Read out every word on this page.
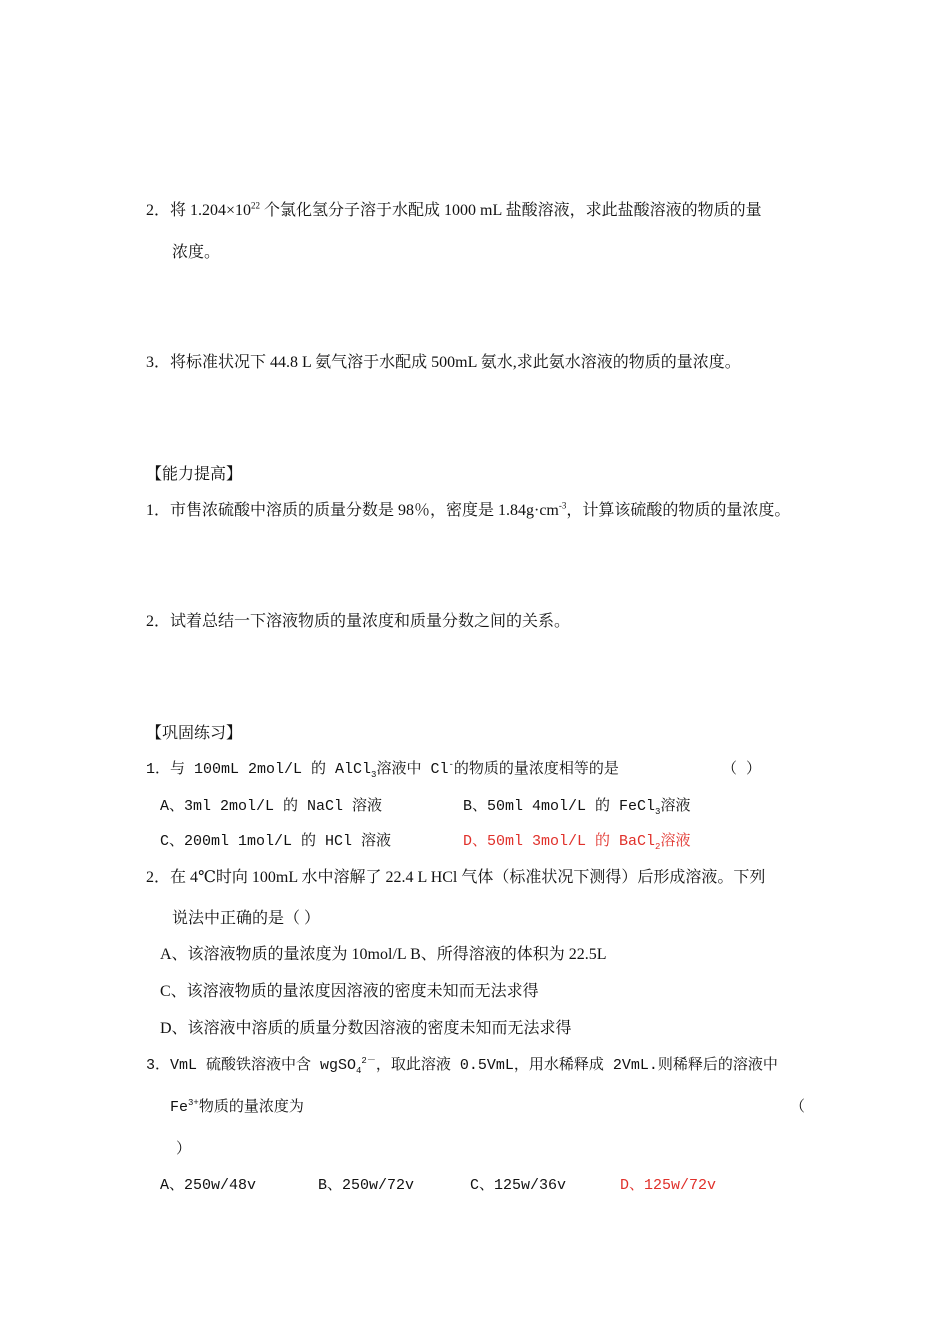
2．将 $1.204\times 10^{22}$ 个氯化氢分子溶于水配成 1000 mL 盐酸溶液，求此盐酸溶液的物质的量
浓度。
3．将标准状况下 44.8 L 氨气溶于水配成 500mL 氨水,求此氨水溶液的物质的量浓度。
【能力提高】
1．市售浓硫酸中溶质的质量分数是 98％，密度是 $1.84g\cdot cm^{-3}$，计算该硫酸的物质的量浓度。
2．试着总结一下溶液物质的量浓度和质量分数之间的关系。
【巩固练习】
1．与 100mL 2mol/L 的 AlCl$_3$溶液中 Cl-的物质的量浓度相等的是	（ ）
A、3ml 2mol/L 的 NaCl 溶液	B、50ml 4mol/L 的 FeCl$_3$溶液
C、200ml 1mol/L 的 HCl 溶液	D、50ml 3mol/L 的 BaCl$_2$溶液
2．在 4℃时向 100mL 水中溶解了 22.4 L HCl 气体（标准状况下测得）后形成溶液。下列
说法中正确的是（ ）
A、该溶液物质的量浓度为 10mol/L B、所得溶液的体积为 22.5L
C、该溶液物质的量浓度因溶液的密度未知而无法求得
D、该溶液中溶质的质量分数因溶液的密度未知而无法求得
3．VmL 硫酸铁溶液中含 wgSO$_4^{2-}$，取此溶液 0.5VmL，用水稀释成 2VmL.则稀释后的溶液中
$Fe^{3+}$物质的量浓度为	（
）
A、250w/48v	B、250w/72v	C、125w/36v	D、125w/72v
